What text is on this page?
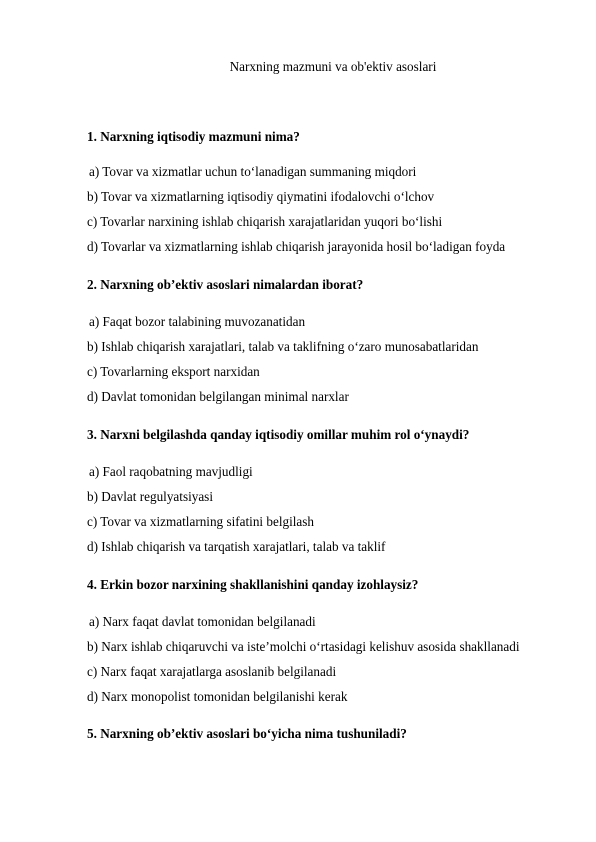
Narxning mazmuni va ob'ektiv asoslari
1. Narxning iqtisodiy mazmuni nima?
a) Tovar va xizmatlar uchun to‘lanadigan summaning miqdori
b) Tovar va xizmatlarning iqtisodiy qiymatini ifodalovchi o‘lchov
c) Tovarlar narxining ishlab chiqarish xarajatlaridan yuqori bo‘lishi
d) Tovarlar va xizmatlarning ishlab chiqarish jarayonida hosil bo‘ladigan foyda
2. Narxning ob’ektiv asoslari nimalardan iborat?
a) Faqat bozor talabining muvozanatidan
b) Ishlab chiqarish xarajatlari, talab va taklifning o‘zaro munosabatlaridan
c) Tovarlarning eksport narxidan
d) Davlat tomonidan belgilangan minimal narxlar
3. Narxni belgilashda qanday iqtisodiy omillar muhim rol o‘ynaydi?
a) Faol raqobatning mavjudligi
b) Davlat regulyatsiyasi
c) Tovar va xizmatlarning sifatini belgilash
d) Ishlab chiqarish va tarqatish xarajatlari, talab va taklif
4. Erkin bozor narxining shakllanishini qanday izohlaysiz?
a) Narx faqat davlat tomonidan belgilanadi
b) Narx ishlab chiqaruvchi va iste’molchi o‘rtasidagi kelishuv asosida shakllanadi
c) Narx faqat xarajatlarga asoslanib belgilanadi
d) Narx monopolist tomonidan belgilanishi kerak
5. Narxning ob’ektiv asoslari bo‘yicha nima tushuniladi?
